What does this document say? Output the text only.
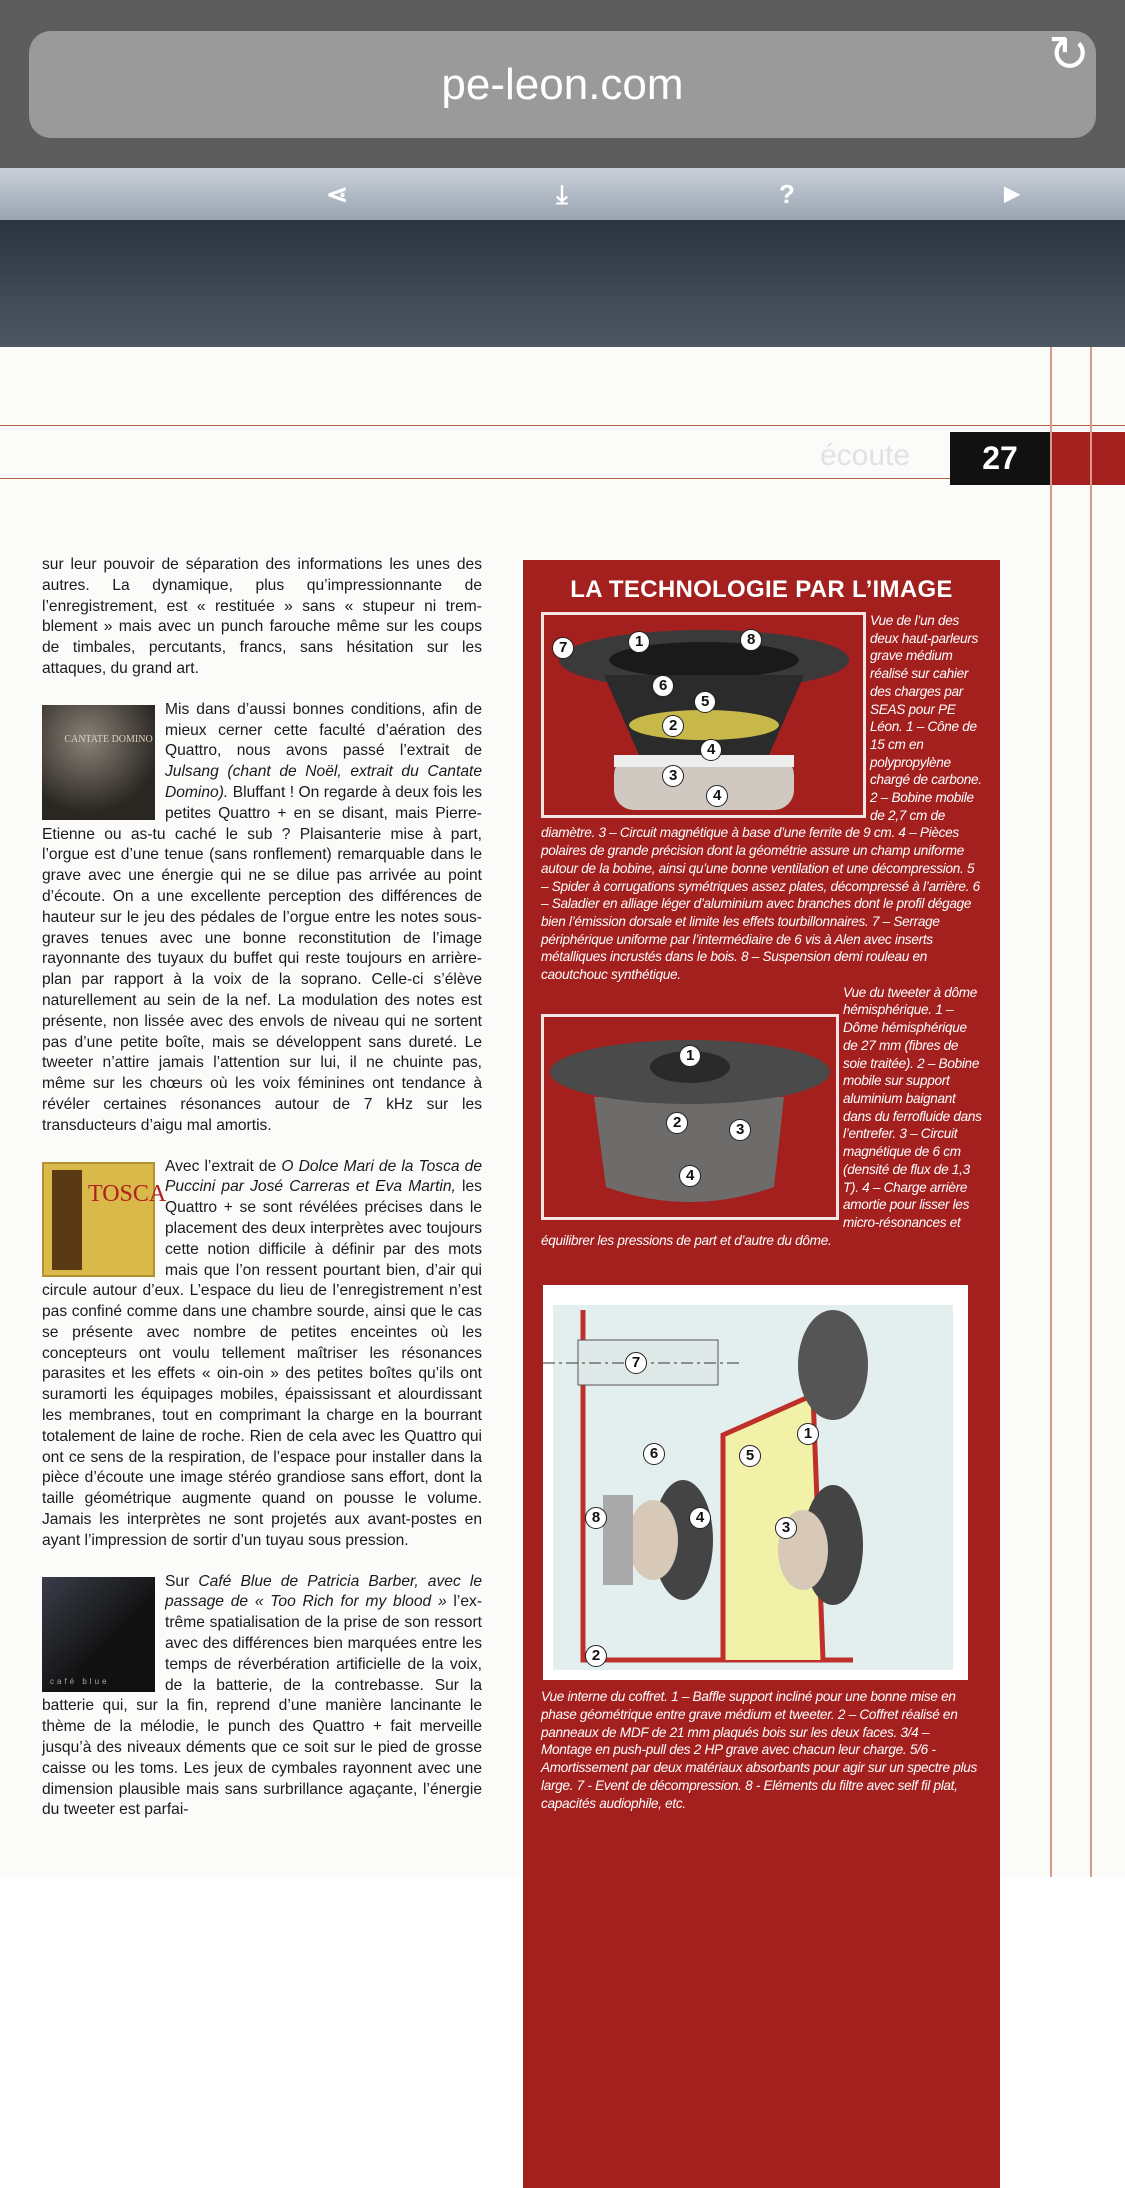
pe-leon.com
↻
⋖	⤓	?	▶
écoute	27

sur leur pouvoir de séparation des informations les unes des autres. La dynamique, plus qu’impressionnante de l’enregistrement, est « restituée » sans « stupeur ni tremblement » mais avec un punch farouche même sur les coups de timbales, percutants, francs, sans hésitation sur les attaques, du grand art.

CANTATE DOMINO
Mis dans d’aussi bonnes conditions, afin de mieux cerner cette faculté d’aération des Quattro, nous avons passé l’extrait de Julsang (chant de Noël, extrait du Cantate Domino). Bluffant ! On regarde à deux fois les petites Quattro + en se disant, mais Pierre-Etienne ou as-tu caché le sub ? Plaisanterie mise à part, l’orgue est d’une tenue (sans ronflement) remarquable dans le grave avec une énergie qui ne se dilue pas arrivée au point d’écoute. On a une excellente perception des différences de hauteur sur le jeu des pédales de l’orgue entre les notes sous-graves tenues avec une bonne reconstitution de l’image rayonnante des tuyaux du buffet qui reste toujours en arrière-plan par rapport à la voix de la soprano. Celle-ci s’élève naturellement au sein de la nef. La modulation des notes est présente, non lissée avec des envols de niveau qui ne sortent pas d’une petite boîte, mais se développent sans dureté. Le tweeter n’attire jamais l’attention sur lui, il ne chuinte pas, même sur les chœurs où les voix féminines ont tendance à révéler certaines résonances autour de 7 kHz sur les transducteurs d’aigu mal amortis.

TOSCA
Avec l’extrait de O Dolce Mari de la Tosca de Puccini par José Carreras et Eva Martin, les Quattro + se sont révélées précises dans le placement des deux interprètes avec toujours cette notion difficile à définir par des mots mais que l’on ressent pourtant bien, d’air qui circule autour d’eux. L’espace du lieu de l’enregistrement n’est pas confiné comme dans une chambre sourde, ainsi que le cas se présente avec nombre de petites enceintes où les concepteurs ont voulu tellement maîtriser les résonances parasites et les effets « oin-oin » des petites boîtes qu’ils ont suramorti les équipages mobiles, épaississant et alourdissant les membranes, tout en comprimant la charge en la bourrant totalement de laine de roche. Rien de cela avec les Quattro qui ont ce sens de la respiration, de l’espace pour installer dans la pièce d’écoute une image stéréo grandiose sans effort, dont la taille géométrique augmente quand on pousse le volume. Jamais les interprètes ne sont projetés aux avant-postes en ayant l’impression de sortir d’un tuyau sous pression.

café blue
Sur Café Blue de Patricia Barber, avec le passage de « Too Rich for my blood » l’extrême spatialisation de la prise de son ressort avec des différences bien marquées entre les temps de réverbération artificielle de la voix, de la batterie, de la contrebasse. Sur la batterie qui, sur la fin, reprend d’une manière lancinante le thème de la mélodie, le punch des Quattro + fait merveille jusqu’à des niveaux déments que ce soit sur le pied de grosse caisse ou les toms. Les jeux de cymbales rayonnent avec une dimension plausible mais sans surbrillance agaçante, l’énergie du tweeter est parfai-

LA TECHNOLOGIE PAR L’IMAGE
1	8
7
6
5
2
4
3
4
Vue de l’un des deux haut-parleurs grave médium réalisé sur cahier des charges par SEAS pour PE Léon. 1 – Cône de 15 cm en polypropylène chargé de carbone. 2 – Bobine mobile de 2,7 cm de diamètre. 3 – Circuit magnétique à base d’une ferrite de 9 cm. 4 – Pièces polaires de grande précision dont la géométrie assure un champ uniforme autour de la bobine, ainsi qu’une bonne ventilation et une décompression. 5 – Spider à corrugations symétriques assez plates, décompressé à l’arrière. 6 – Saladier en alliage léger d’aluminium avec branches dont le profil dégage bien l’émission dorsale et limite les effets tourbillonnaires. 7 – Serrage périphérique uniforme par l’intermédiaire de 6 vis à Alen avec inserts métalliques incrustés dans le bois. 8 – Suspension demi rouleau en caoutchouc synthétique.
1
2	3
4
Vue du tweeter à dôme hémisphérique. 1 – Dôme hémisphérique de 27 mm (fibres de soie traitée). 2 – Bobine mobile sur support aluminium baignant dans du ferrofluide dans l’entrefer. 3 – Circuit magnétique de 6 cm (densité de flux de 1,3 T). 4 – Charge arrière amortie pour lisser les micro-résonances et équilibrer les pressions de part et d’autre du dôme.
7
1
6	5
4
3
8
2
Vue interne du coffret. 1 – Baffle support incliné pour une bonne mise en phase géométrique entre grave médium et tweeter. 2 – Coffret réalisé en panneaux de MDF de 21 mm plaqués bois sur les deux faces. 3/4 – Montage en push-pull des 2 HP grave avec chacun leur charge. 5/6 - Amortissement par deux matériaux absorbants pour agir sur un spectre plus large. 7 - Event de décompression. 8 - Eléments du filtre avec self fil plat, capacités audiophile, etc.
